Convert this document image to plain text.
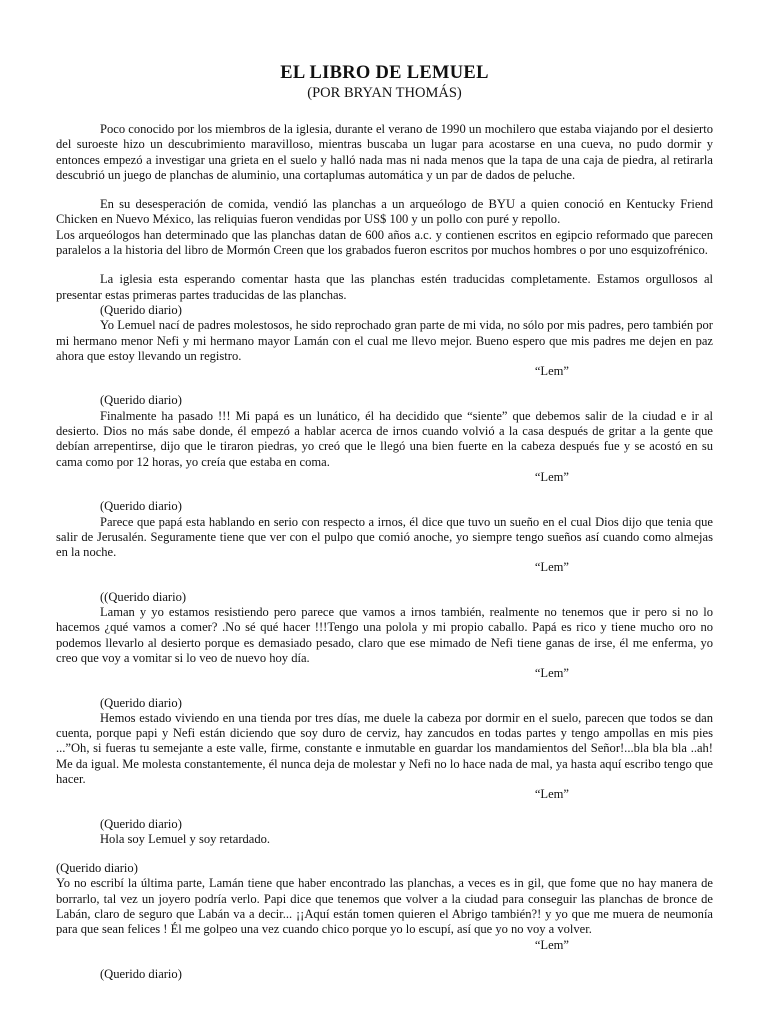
EL LIBRO DE LEMUEL

(POR BRYAN THOMÁS)

Poco conocido por los miembros de la iglesia, durante el verano de 1990 un mochilero que estaba viajando por el desierto del suroeste hizo un descubrimiento maravilloso, mientras buscaba un lugar para acostarse en una cueva, no pudo dormir y entonces empezó a investigar una grieta en el suelo y halló nada mas ni nada menos que la tapa de una caja de piedra, al retirarla descubrió un juego de planchas de aluminio, una cortaplumas automática y un par de dados de peluche.

En su desesperación de comida, vendió las planchas a un arqueólogo de BYU a quien conoció en Kentucky Friend Chicken en Nuevo México, las reliquias fueron vendidas por US$ 100 y un pollo con puré y repollo.

Los arqueólogos han determinado que las planchas datan de 600 años a.c. y contienen escritos en egipcio reformado que parecen paralelos a la historia del libro de Mormón Creen que los grabados fueron escritos por muchos hombres o por uno esquizofrénico.

La iglesia esta esperando comentar hasta que las planchas estén traducidas completamente. Estamos orgullosos al presentar estas primeras partes traducidas de las planchas.

(Querido diario)

Yo Lemuel nací de padres molestosos, he sido reprochado gran parte de mi vida, no sólo por mis padres, pero también por mi hermano menor Nefi y mi hermano mayor Lamán con el cual me llevo mejor. Bueno espero que mis padres me dejen en paz ahora que estoy llevando un registro.

“Lem”

(Querido diario)

Finalmente ha pasado !!! Mi papá es un lunático, él ha decidido que “siente” que debemos salir de la ciudad e ir al desierto. Dios no más sabe donde, él empezó a hablar acerca de irnos cuando volvió a la casa después de gritar a la gente que debían arrepentirse, dijo que le tiraron piedras, yo creó que le llegó una bien fuerte en la cabeza después fue y se acostó en su cama como por 12 horas, yo creía que estaba en coma.

“Lem”

(Querido diario)

Parece que papá esta hablando en serio con respecto a irnos, él dice que tuvo un sueño en el cual Dios dijo que tenia que salir de Jerusalén. Seguramente tiene que ver con el pulpo que comió anoche, yo siempre tengo sueños así cuando como almejas en la noche.

“Lem”

((Querido diario)

Laman y yo estamos resistiendo pero parece que vamos a irnos también, realmente no tenemos que ir pero si no lo hacemos ¿qué vamos a comer? .No sé qué hacer !!!Tengo una polola y mi propio caballo. Papá es rico y tiene mucho oro no podemos llevarlo al desierto porque es demasiado pesado, claro que ese mimado de Nefi tiene ganas de irse, él me enferma, yo creo que voy a vomitar si lo veo de nuevo hoy día.

“Lem”

(Querido diario)

Hemos estado viviendo en una tienda por tres días, me duele la cabeza por dormir en el suelo, parecen que todos se dan cuenta, porque papi y Nefi están diciendo que soy duro de cerviz, hay zancudos en todas partes y tengo ampollas en mis pies ...”Oh, si fueras tu semejante a este valle, firme, constante e inmutable en guardar los mandamientos del Señor!...bla bla bla ..ah! Me da igual. Me molesta constantemente, él nunca deja de molestar y Nefi no lo hace nada de mal, ya hasta aquí escribo tengo que hacer.

“Lem”

(Querido diario)

Hola soy Lemuel y soy retardado.

(Querido diario)

Yo no escribí la última parte, Lamán tiene que haber encontrado las planchas, a veces es in gil, que fome que no hay manera de borrarlo, tal vez un joyero podría verlo. Papi dice que tenemos que volver a la ciudad para conseguir las planchas de bronce de Labán, claro de seguro que Labán va a decir... ¡¡Aquí están tomen quieren el Abrigo también?! y yo que me muera de neumonía para que sean felices ! Él me golpeo una vez cuando chico porque yo lo escupí, así que yo no voy a volver.

“Lem”

(Querido diario)
